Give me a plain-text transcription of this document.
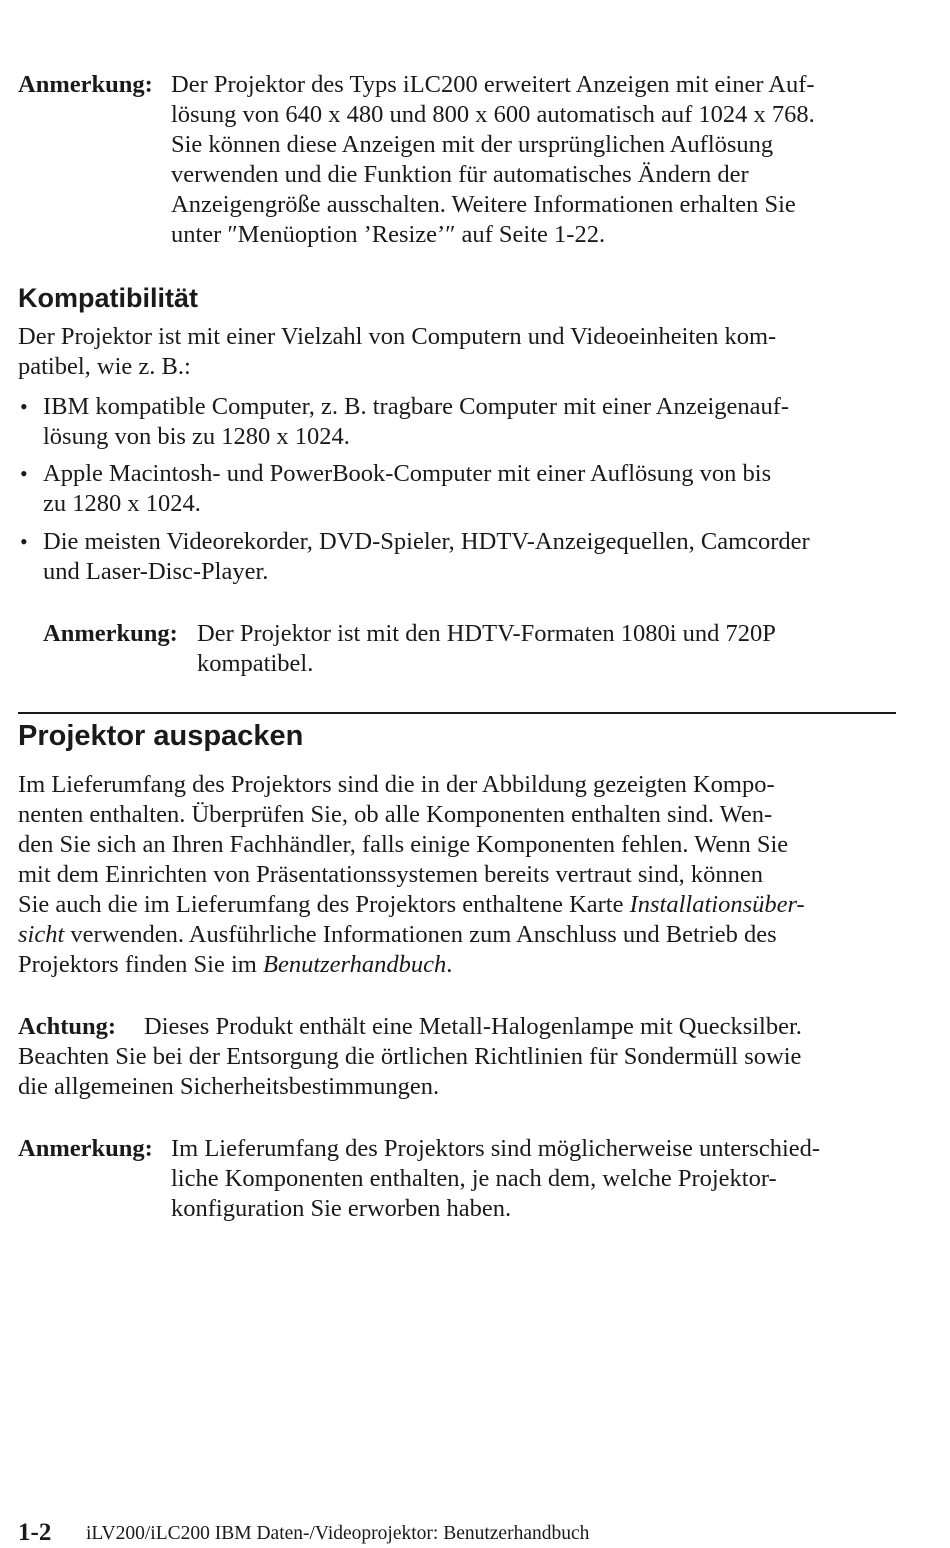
Anmerkung: Der Projektor des Typs iLC200 erweitert Anzeigen mit einer Auf-
lösung von 640 x 480 und 800 x 600 automatisch auf 1024 x 768.
Sie können diese Anzeigen mit der ursprünglichen Auflösung
verwenden und die Funktion für automatisches Ändern der
Anzeigengröße ausschalten. Weitere Informationen erhalten Sie
unter ″Menüoption ’Resize’″ auf Seite 1-22.
Kompatibilität
Der Projektor ist mit einer Vielzahl von Computern und Videoeinheiten kom-
patibel, wie z. B.:
• IBM kompatible Computer, z. B. tragbare Computer mit einer Anzeigenauf-
lösung von bis zu 1280 x 1024.
• Apple Macintosh- und PowerBook-Computer mit einer Auflösung von bis
zu 1280 x 1024.
• Die meisten Videorekorder, DVD-Spieler, HDTV-Anzeigequellen, Camcorder
und Laser-Disc-Player.
Anmerkung: Der Projektor ist mit den HDTV-Formaten 1080i und 720P
kompatibel.
Projektor auspacken
Im Lieferumfang des Projektors sind die in der Abbildung gezeigten Kompo-
nenten enthalten. Überprüfen Sie, ob alle Komponenten enthalten sind. Wen-
den Sie sich an Ihren Fachhändler, falls einige Komponenten fehlen. Wenn Sie
mit dem Einrichten von Präsentationssystemen bereits vertraut sind, können
Sie auch die im Lieferumfang des Projektors enthaltene Karte Installationsüber-
sicht verwenden. Ausführliche Informationen zum Anschluss und Betrieb des
Projektors finden Sie im Benutzerhandbuch.
Achtung: Dieses Produkt enthält eine Metall-Halogenlampe mit Quecksilber.
Beachten Sie bei der Entsorgung die örtlichen Richtlinien für Sondermüll sowie
die allgemeinen Sicherheitsbestimmungen.
Anmerkung: Im Lieferumfang des Projektors sind möglicherweise unterschied-
liche Komponenten enthalten, je nach dem, welche Projektor-
konfiguration Sie erworben haben.
1-2 iLV200/iLC200 IBM Daten-/Videoprojektor: Benutzerhandbuch
